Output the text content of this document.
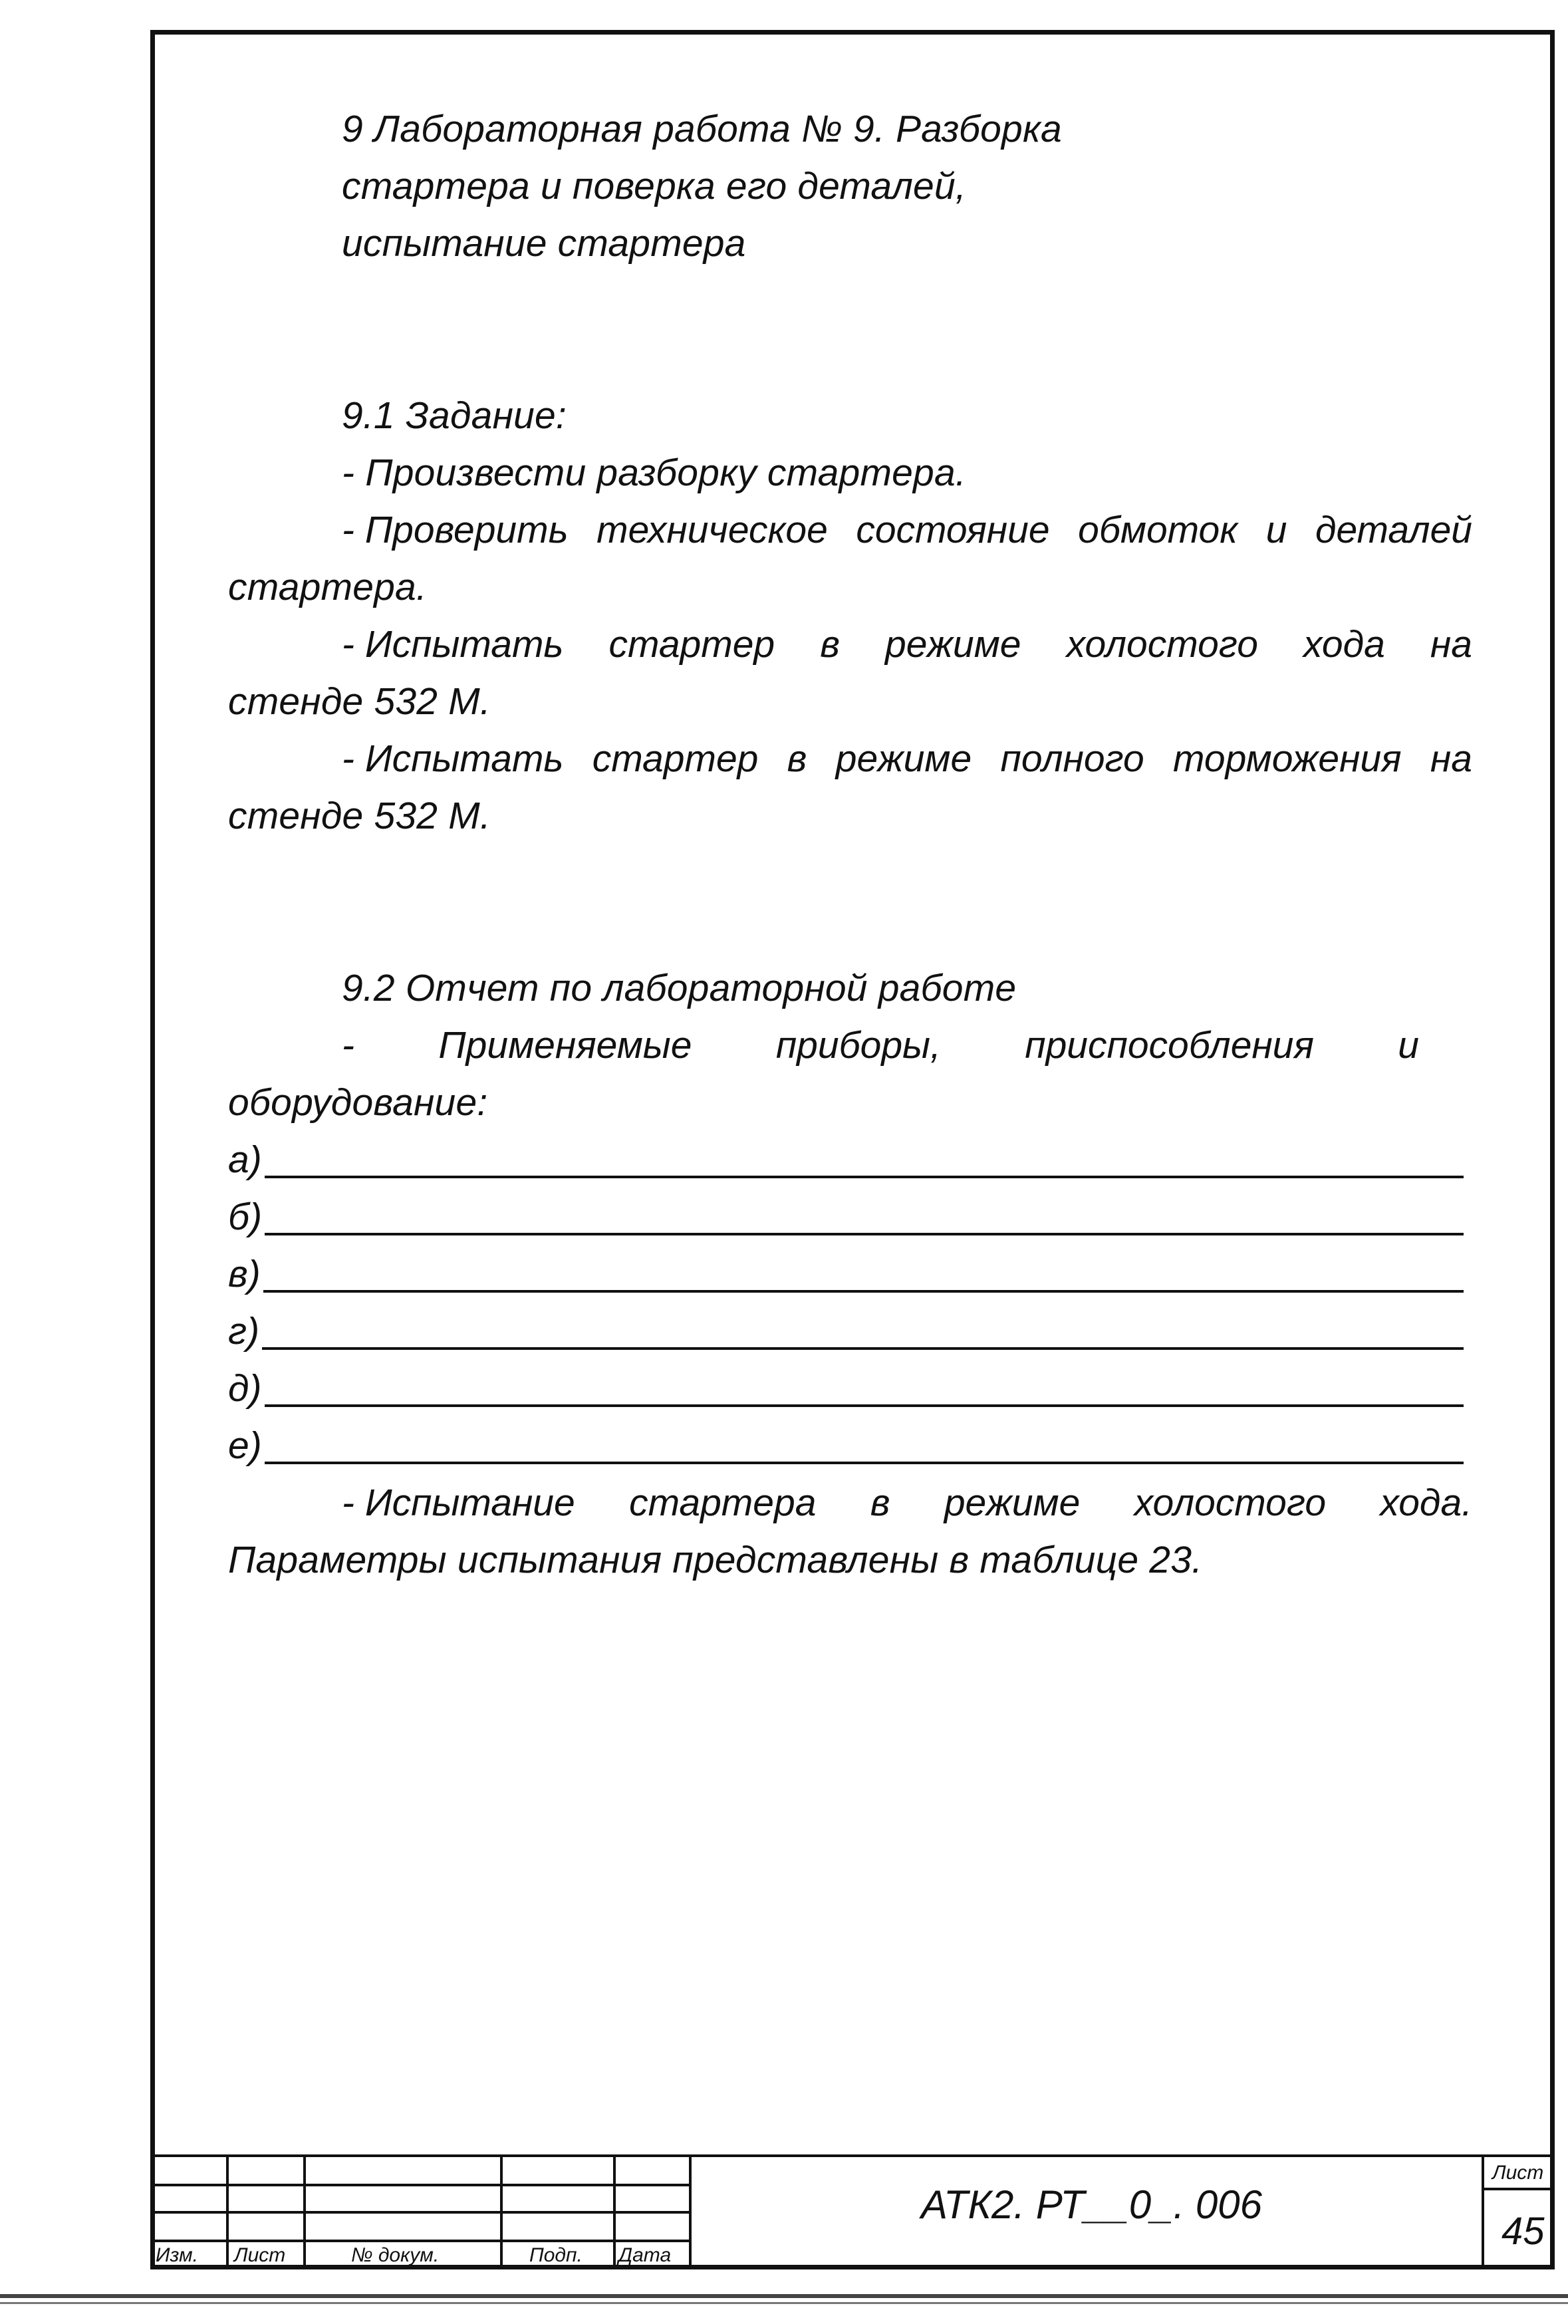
9 Лабораторная работа № 9. Разборка
стартера и поверка его деталей,
испытание стартера
9.1 Задание:
- Произвести разборку стартера.
- Проверить техническое состояние обмоток и деталей
стартера.
- Испытать стартер в режиме холостого хода на
стенде 532 М.
- Испытать стартер в режиме полного торможения на
стенде 532 М.
9.2 Отчет по лабораторной работе
- Применяемые приборы, приспособления и
оборудование:
а)
б)
в)
г)
д)
е)
- Испытание стартера в режиме холостого хода.
Параметры испытания представлены в таблице 23.
Изм. Лист	№ докум.	Подп. Дата
АТК2. РТ__0_. 006
Лист
45
